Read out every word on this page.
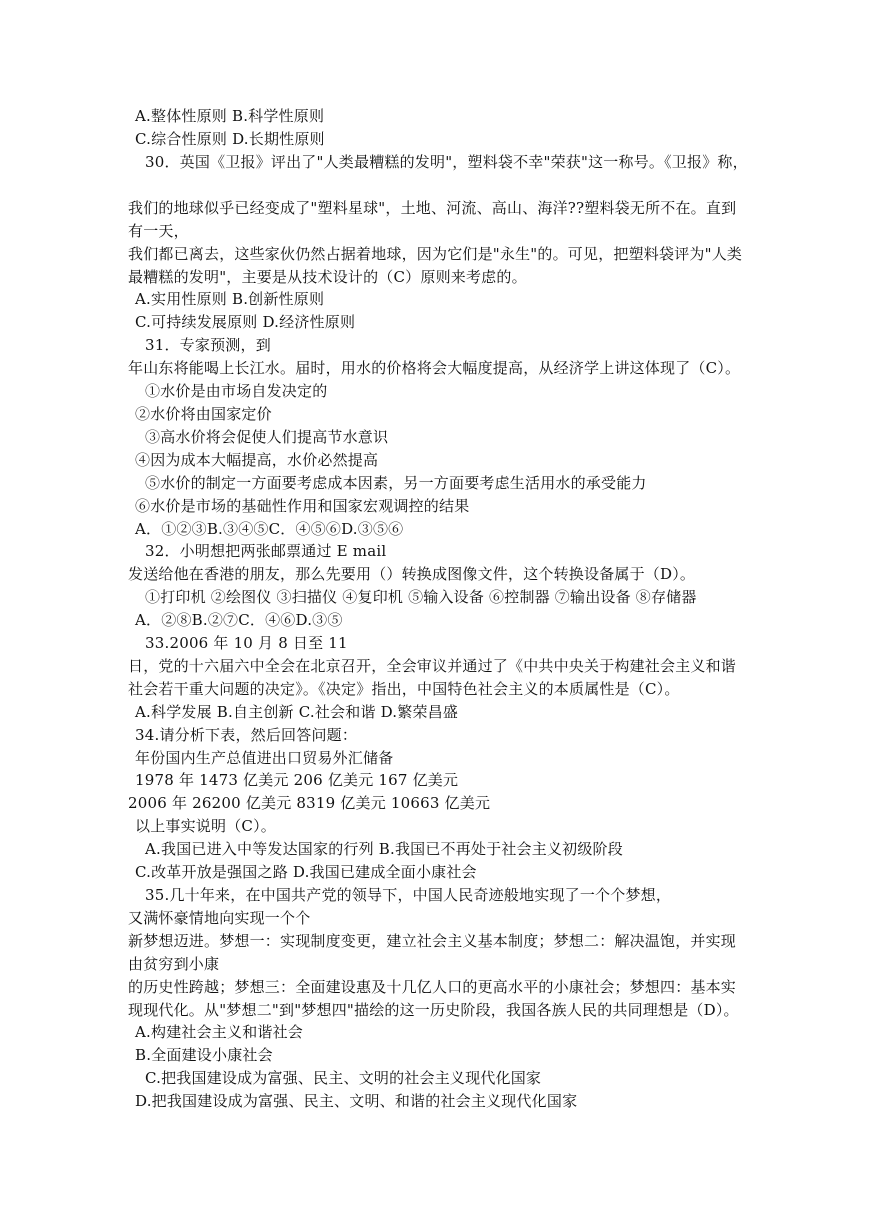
A.整体性原则 B.科学性原则
C.综合性原则 D.长期性原则
30．英国《卫报》评出了"人类最糟糕的发明"，塑料袋不幸"荣获"这一称号。《卫报》称，
我们的地球似乎已经变成了"塑料星球"，土地、河流、高山、海洋??塑料袋无所不在。直到
有一天，
我们都已离去，这些家伙仍然占据着地球，因为它们是"永生"的。可见，把塑料袋评为"人类
最糟糕的发明"，主要是从技术设计的（C）原则来考虑的。
A.实用性原则 B.创新性原则
C.可持续发展原则 D.经济性原则
31．专家预测，到
年山东将能喝上长江水。届时，用水的价格将会大幅度提高，从经济学上讲这体现了（C）。
①水价是由市场自发决定的
②水价将由国家定价
③高水价将会促使人们提高节水意识
④因为成本大幅提高，水价必然提高
⑤水价的制定一方面要考虑成本因素，另一方面要考虑生活用水的承受能力
⑥水价是市场的基础性作用和国家宏观调控的结果
A．①②③B.③④⑤C．④⑤⑥D.③⑤⑥
32．小明想把两张邮票通过 E mail
发送给他在香港的朋友，那么先要用（）转换成图像文件，这个转换设备属于（D）。
①打印机 ②绘图仪 ③扫描仪 ④复印机 ⑤输入设备 ⑥控制器 ⑦输出设备 ⑧存储器
A．②⑧B.②⑦C．④⑥D.③⑤
33.2006 年 10 月 8 日至 11
日，党的十六届六中全会在北京召开，全会审议并通过了《中共中央关于构建社会主义和谐
社会若干重大问题的决定》。《决定》指出，中国特色社会主义的本质属性是（C）。
A.科学发展 B.自主创新 C.社会和谐 D.繁荣昌盛
34.请分析下表，然后回答问题：
年份国内生产总值进出口贸易外汇储备
1978 年 1473 亿美元 206 亿美元 167 亿美元
2006 年 26200 亿美元 8319 亿美元 10663 亿美元
以上事实说明（C）。
A.我国已进入中等发达国家的行列 B.我国已不再处于社会主义初级阶段
C.改革开放是强国之路 D.我国已建成全面小康社会
35.几十年来，在中国共产党的领导下，中国人民奇迹般地实现了一个个梦想，
又满怀豪情地向实现一个个
新梦想迈进。梦想一：实现制度变更，建立社会主义基本制度；梦想二：解决温饱，并实现
由贫穷到小康
的历史性跨越；梦想三：全面建设惠及十几亿人口的更高水平的小康社会；梦想四：基本实
现现代化。从"梦想二"到"梦想四"描绘的这一历史阶段，我国各族人民的共同理想是（D）。
A.构建社会主义和谐社会
B.全面建设小康社会
C.把我国建设成为富强、民主、文明的社会主义现代化国家
D.把我国建设成为富强、民主、文明、和谐的社会主义现代化国家
